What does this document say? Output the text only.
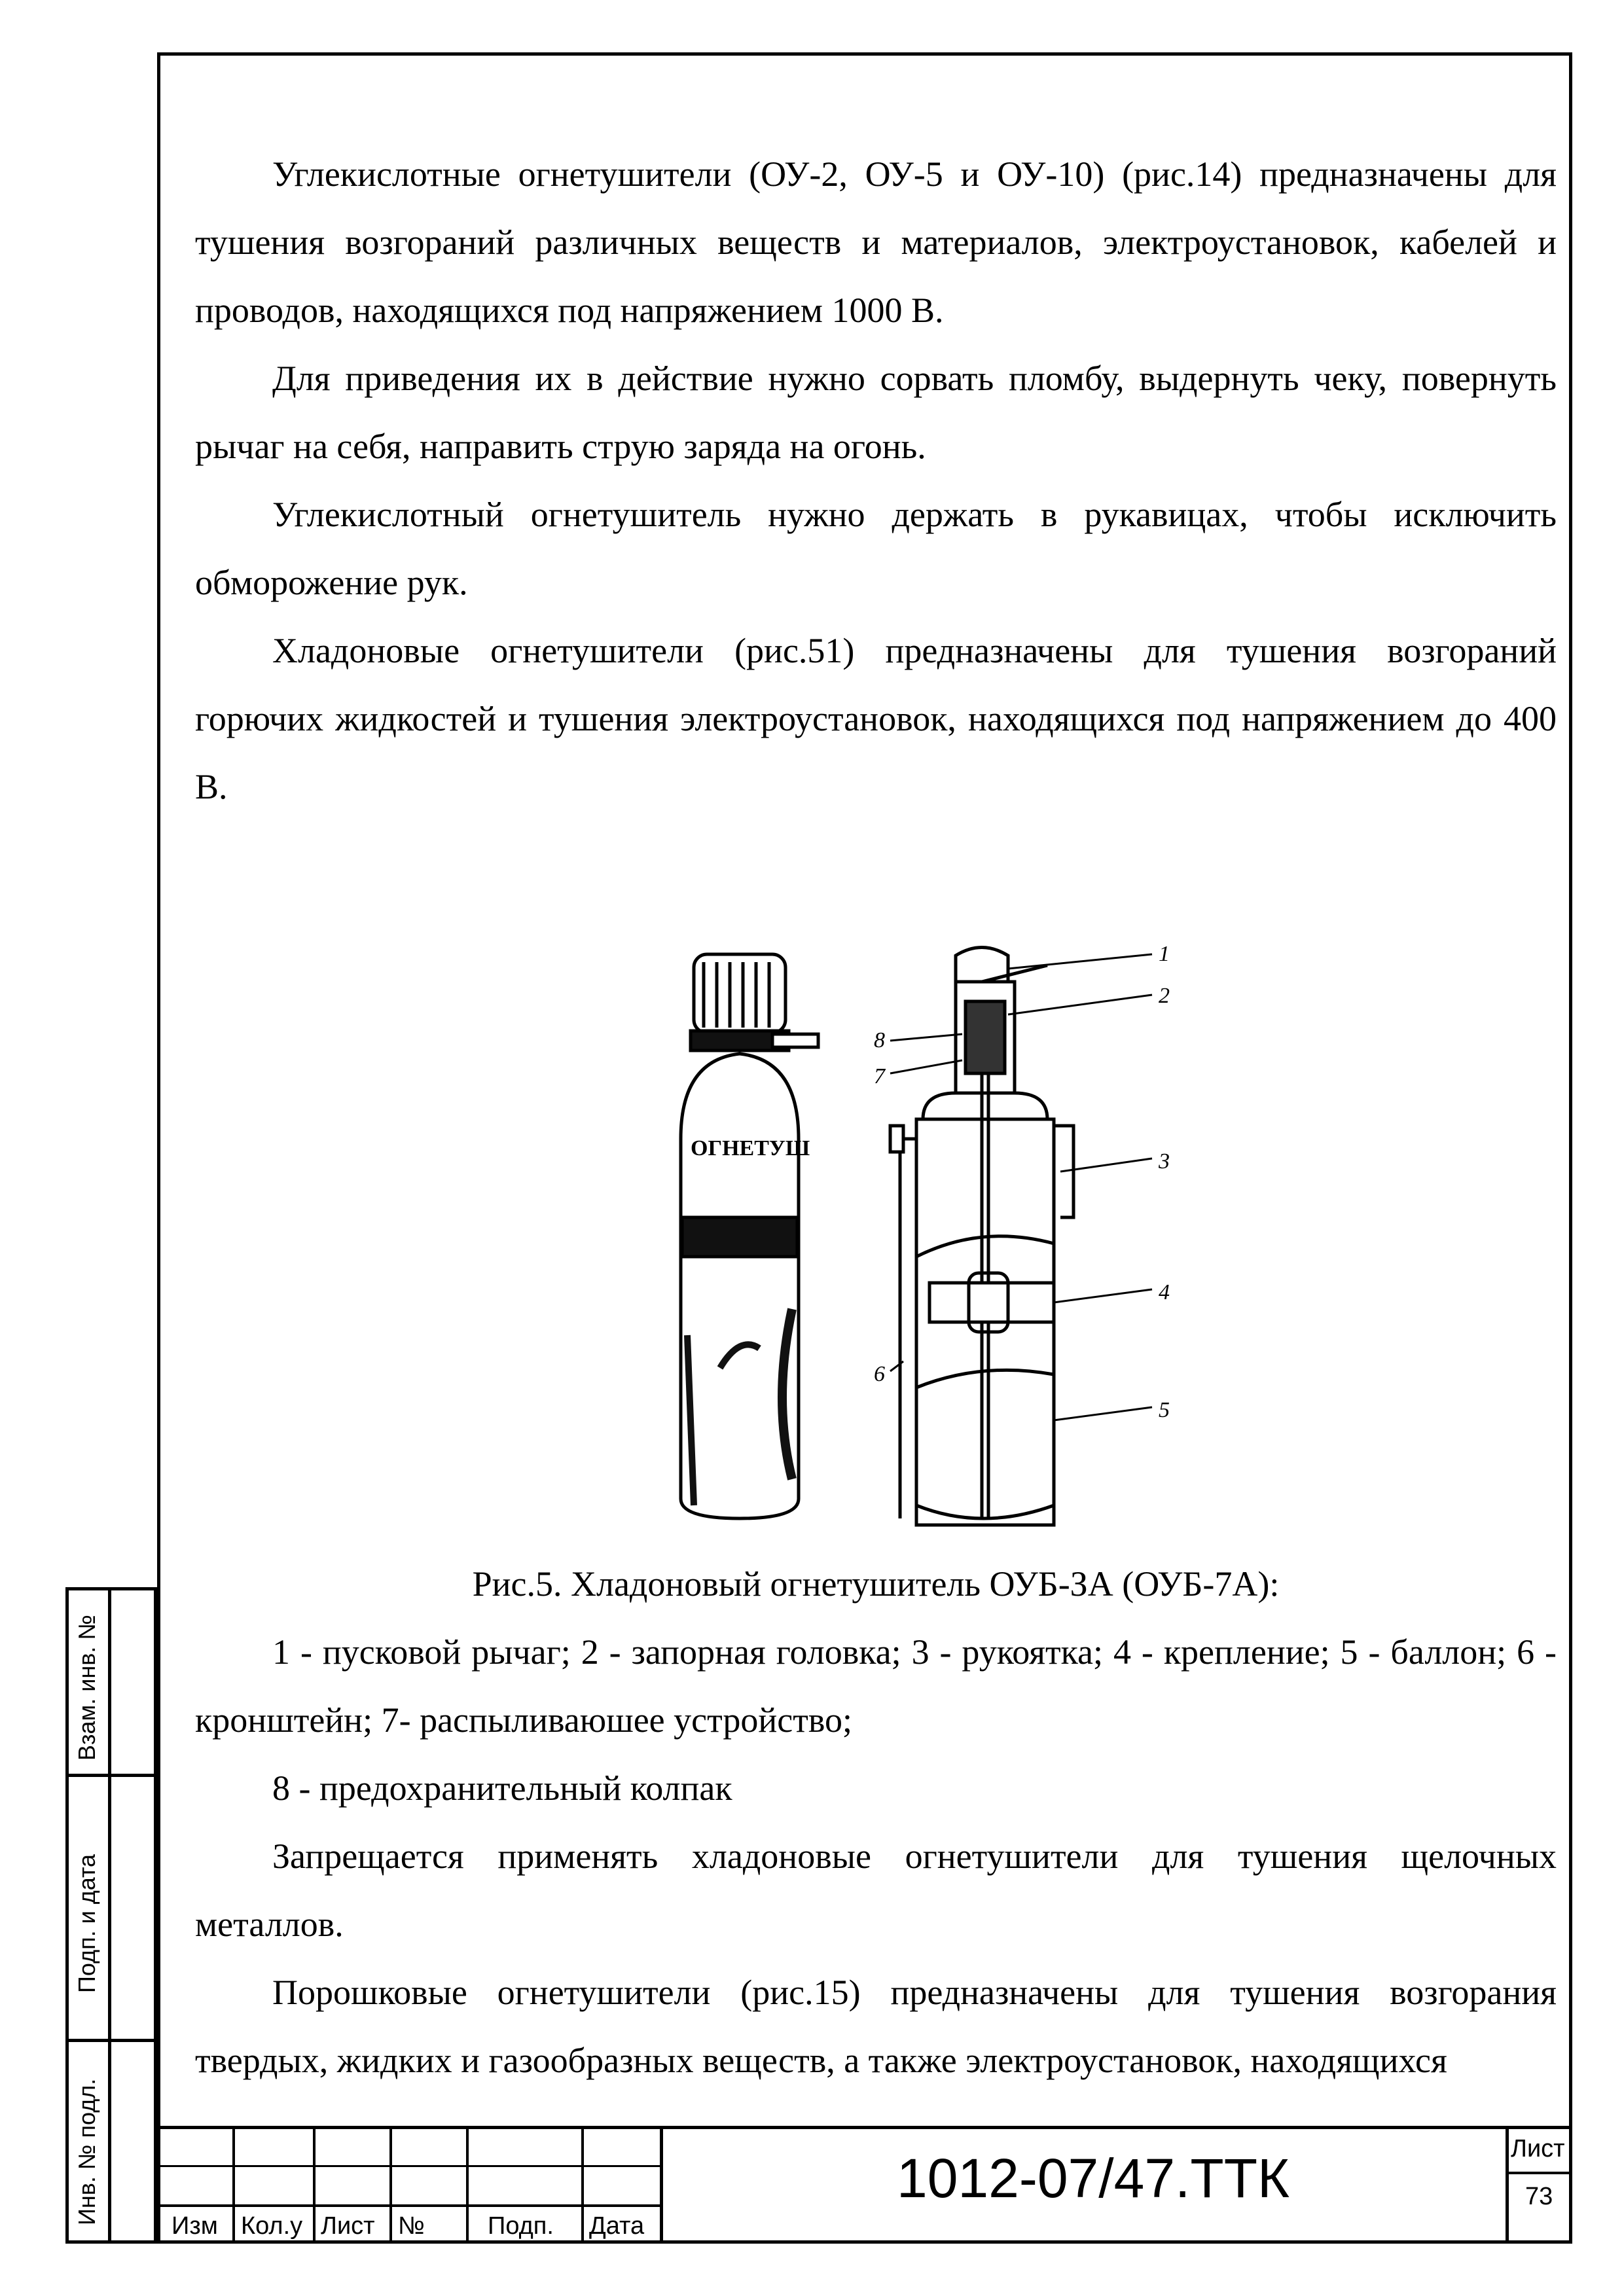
Углекислотные огнетушители (ОУ-2, ОУ-5 и ОУ-10) (рис.14) предназначены для тушения возгораний различных веществ и материалов, электроустановок, кабелей и проводов, находящихся под напряжением 1000 В.

Для приведения их в действие нужно сорвать пломбу, выдернуть чеку, повернуть рычаг на себя, направить струю заряда на огонь.

Углекислотный огнетушитель нужно держать в рукавицах, чтобы исключить обморожение рук.

Хладоновые огнетушители (рис.51) предназначены для тушения возгораний горючих жидкостей и тушения электроустановок, находящихся под напряжением до 400 В.

ОГНЕТУШ
1
2
3
4
5
6
7
8
Рис.5. Хладоновый огнетушитель ОУБ-ЗА (ОУБ-7А):

1 - пусковой рычаг; 2 - запорная головка; 3 - рукоятка; 4 - крепление; 5 - баллон; 6 - кронштейн; 7- распыливаюшее устройство;

8 - предохранительный колпак

Запрещается применять хладоновые огнетушители для тушения щелочных металлов.

Порошковые огнетушители (рис.15) предназначены для тушения возгорания твердых, жидких и газообразных веществ, а также электроустановок, находящихся

Взам. инв. №
Подп. и дата
Инв. № подл.
Изм Кол.у Лист №	Подп. Дата
1012-07/47.ТТК	Лист
73
